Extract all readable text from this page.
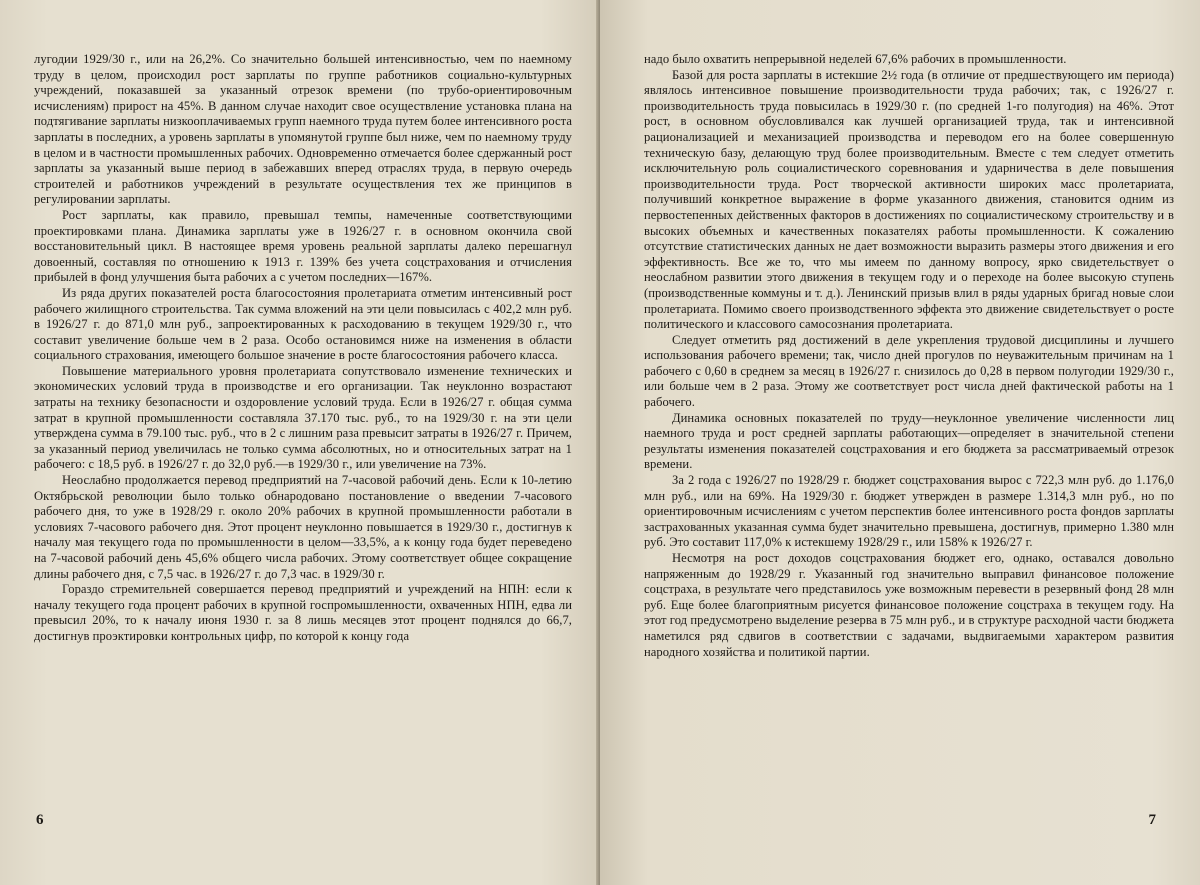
лугодии 1929/30 г., или на 26,2%. Со значительно большей интенсивностью, чем по наемному труду в целом, происходил рост зарплаты по группе работников социально-культурных учреждений, показавшей за указанный отрезок времени (по трубо-ориентировочным исчислениям) прирост на 45%. В данном случае находит свое осуществление установка плана на подтягивание зарплаты низкооплачиваемых групп наемного труда путем более интенсивного роста зарплаты в последних, а уровень зарплаты в упомянутой группе был ниже, чем по наемному труду в целом и в частности промышленных рабочих. Одновременно отмечается более сдержанный рост зарплаты за указанный выше период в забежавших вперед отраслях труда, в первую очередь строителей и работников учреждений в результате осуществления тех же принципов в регулировании зарплаты.

Рост зарплаты, как правило, превышал темпы, намеченные соответствующими проектировками плана. Динамика зарплаты уже в 1926/27 г. в основном окончила свой восстановительный цикл. В настоящее время уровень реальной зарплаты далеко перешагнул довоенный, составляя по отношению к 1913 г. 139% без учета соцстрахования и отчисления прибылей в фонд улучшения быта рабочих а с учетом последних—167%.

Из ряда других показателей роста благосостояния пролетариата отметим интенсивный рост рабочего жилищного строительства. Так сумма вложений на эти цели повысилась с 402,2 млн руб. в 1926/27 г. до 871,0 млн руб., запроектированных к расходованию в текущем 1929/30 г., что составит увеличение больше чем в 2 раза. Особо остановимся ниже на изменения в области социального страхования, имеющего большое значение в росте благосостояния рабочего класса.

Повышение материального уровня пролетариата сопутствовало изменение технических и экономических условий труда в производстве и его организации. Так неуклонно возрастают затраты на технику безопасности и оздоровление условий труда. Если в 1926/27 г. общая сумма затрат в крупной промышленности составляла 37.170 тыс. руб., то на 1929/30 г. на эти цели утверждена сумма в 79.100 тыс. руб., что в 2 с лишним раза превысит затраты в 1926/27 г. Причем, за указанный период увеличилась не только сумма абсолютных, но и относительных затрат на 1 рабочего: с 18,5 руб. в 1926/27 г. до 32,0 руб.—в 1929/30 г., или увеличение на 73%.

Неослабно продолжается перевод предприятий на 7-часовой рабочий день. Если к 10-летию Октябрьской революции было только обнародовано постановление о введении 7-часового рабочего дня, то уже в 1928/29 г. около 20% рабочих в крупной промышленности работали в условиях 7-часового рабочего дня. Этот процент неуклонно повышается в 1929/30 г., достигнув к началу мая текущего года по промышленности в целом—33,5%, а к концу года будет переведено на 7-часовой рабочий день 45,6% общего числа рабочих. Этому соответствует общее сокращение длины рабочего дня, с 7,5 час. в 1926/27 г. до 7,3 час. в 1929/30 г.

Гораздо стремительней совершается перевод предприятий и учреждений на НПН: если к началу текущего года процент рабочих в крупной госпромышленности, охваченных НПН, едва ли превысил 20%, то к началу июня 1930 г. за 8 лишь месяцев этот процент поднялся до 66,7, достигнув проэктировки контрольных цифр, по которой к концу года

6

надо было охватить непрерывной неделей 67,6% рабочих в промышленности.

Базой для роста зарплаты в истекшие 2½ года (в отличие от предшествующего им периода) являлось интенсивное повышение производительности труда рабочих; так, с 1926/27 г. производительность труда повысилась в 1929/30 г. (по средней 1-го полугодия) на 46%. Этот рост, в основном обусловливался как лучшей организацией труда, так и интенсивной рационализацией и механизацией производства и переводом его на более совершенную техническую базу, делающую труд более производительным. Вместе с тем следует отметить исключительную роль социалистического соревнования и ударничества в деле повышения производительности труда. Рост творческой активности широких масс пролетариата, получивший конкретное выражение в форме указанного движения, становится одним из первостепенных действенных факторов в достижениях по социалистическому строительству и в высоких объемных и качественных показателях работы промышленности. К сожалению отсутствие статистических данных не дает возможности выразить размеры этого движения и его эффективность. Все же то, что мы имеем по данному вопросу, ярко свидетельствует о неослабном развитии этого движения в текущем году и о переходе на более высокую ступень (производственные коммуны и т. д.). Ленинский призыв влил в ряды ударных бригад новые слои пролетариата. Помимо своего производственного эффекта это движение свидетельствует о росте политического и классового самосознания пролетариата.

Следует отметить ряд достижений в деле укрепления трудовой дисциплины и лучшего использования рабочего времени; так, число дней прогулов по неуважительным причинам на 1 рабочего с 0,60 в среднем за месяц в 1926/27 г. снизилось до 0,28 в первом полугодии 1929/30 г., или больше чем в 2 раза. Этому же соответствует рост числа дней фактической работы на 1 рабочего.

Динамика основных показателей по труду—неуклонное увеличение численности лиц наемного труда и рост средней зарплаты работающих—определяет в значительной степени результаты изменения показателей соцстрахования и его бюджета за рассматриваемый отрезок времени.

За 2 года с 1926/27 по 1928/29 г. бюджет соцстрахования вырос с 722,3 млн руб. до 1.176,0 млн руб., или на 69%. На 1929/30 г. бюджет утвержден в размере 1.314,3 млн руб., но по ориентировочным исчислениям с учетом перспектив более интенсивного роста фондов зарплаты застрахованных указанная сумма будет значительно превышена, достигнув, примерно 1.380 млн руб. Это составит 117,0% к истекшему 1928/29 г., или 158% к 1926/27 г.

Несмотря на рост доходов соцстрахования бюджет его, однако, оставался довольно напряженным до 1928/29 г. Указанный год значительно выправил финансовое положение соцстраха, в результате чего представилось уже возможным перевести в резервный фонд 28 млн руб. Еще более благоприятным рисуется финансовое положение соцстраха в текущем году. На этот год предусмотрено выделение резерва в 75 млн руб., и в структуре расходной части бюджета наметился ряд сдвигов в соответствии с задачами, выдвигаемыми характером развития народного хозяйства и политикой партии.

7
